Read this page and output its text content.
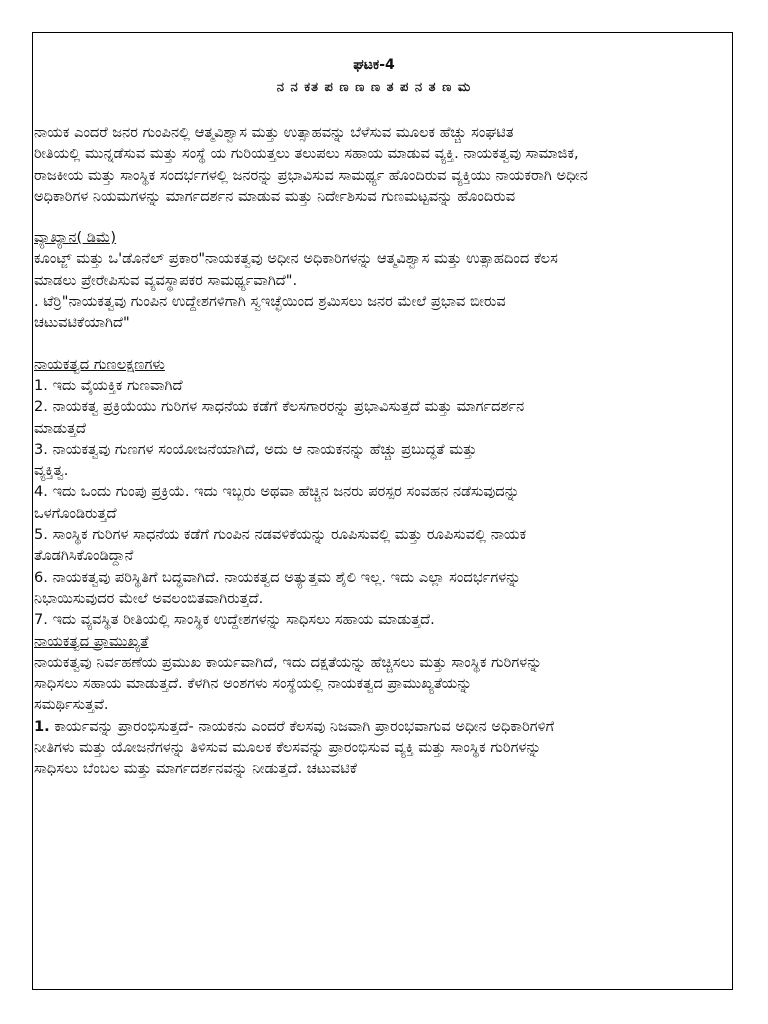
ಘಟಕ-4
ನ ನ ಕತ ಪ ಣ ಣ ಣ ತ ಪ ನ ತ ಣ ಮ

ನಾಯಕ ಎಂದರೆ ಜನರ ಗುಂಪಿನಲ್ಲಿ ಆತ್ಮವಿಶ್ವಾಸ ಮತ್ತು ಉತ್ಸಾಹವನ್ನು ಬೆಳೆಸುವ ಮೂಲಕ ಹೆಚ್ಚು ಸಂಘಟಿತ

ರೀತಿಯಲ್ಲಿ ಮುನ್ನಡೆಸುವ ಮತ್ತು ಸಂಸ್ಥೆ ಯ ಗುರಿಯತ್ತಲು ತಲುಪಲು ಸಹಾಯ ಮಾಡುವ ವ್ಯಕ್ತಿ. ನಾಯಕತ್ವವು ಸಾಮಾಜಿಕ,

ರಾಜಕೀಯ ಮತ್ತು ಸಾಂಸ್ಥಿಕ ಸಂದರ್ಭಗಳಲ್ಲಿ ಜನರನ್ನು ಪ್ರಭಾವಿಸುವ ಸಾಮರ್ಥ್ಯ ಹೊಂದಿರುವ ವ್ಯಕ್ತಿಯು ನಾಯಕರಾಗಿ ಅಧೀನ

ಅಧಿಕಾರಿಗಳ ನಿಯಮಗಳನ್ನು ಮಾರ್ಗದರ್ಶನ ಮಾಡುವ ಮತ್ತು ನಿರ್ದೇಶಿಸುವ ಗುಣಮಟ್ಟವನ್ನು ಹೊಂದಿರುವ

ವ್ಯಾಖ್ಯಾನ( ಡಿಮೆ)

ಕೂಂಟ್ಜ್ ಮತ್ತು ಒ'ಡೊನೆಲ್ ಪ್ರಕಾರ"ನಾಯಕತ್ವವು ಅಧೀನ ಅಧಿಕಾರಿಗಳನ್ನು ಆತ್ಮವಿಶ್ವಾಸ ಮತ್ತು ಉತ್ಸಾಹದಿಂದ ಕೆಲಸ

ಮಾಡಲು ಪ್ರೇರೇಪಿಸುವ ವ್ಯವಸ್ಥಾಪಕರ ಸಾಮರ್ಥ್ಯವಾಗಿದೆ".

. ಟೆರ್ರಿ"ನಾಯಕತ್ವವು ಗುಂಪಿನ ಉದ್ದೇಶಗಳಿಗಾಗಿ ಸ್ವಇಚ್ಛೆಯಿಂದ ಶ್ರಮಿಸಲು ಜನರ ಮೇಲೆ ಪ್ರಭಾವ ಬೀರುವ

ಚಟುವಟಿಕೆಯಾಗಿದೆ"

ನಾಯಕತ್ವದ ಗುಣಲಕ್ಷಣಗಳು

1. ಇದು ವೈಯಕ್ತಿಕ ಗುಣವಾಗಿದೆ

2. ನಾಯಕತ್ವ ಪ್ರಕ್ರಿಯೆಯು ಗುರಿಗಳ ಸಾಧನೆಯ ಕಡೆಗೆ ಕೆಲಸಗಾರರನ್ನು ಪ್ರಭಾವಿಸುತ್ತದೆ ಮತ್ತು ಮಾರ್ಗದರ್ಶನ

ಮಾಡುತ್ತದೆ

3. ನಾಯಕತ್ವವು ಗುಣಗಳ ಸಂಯೋಜನೆಯಾಗಿದೆ, ಅದು ಆ ನಾಯಕನನ್ನು ಹೆಚ್ಚು ಪ್ರಬುದ್ಧತೆ ಮತ್ತು

ವ್ಯಕ್ತಿತ್ವ.

4. ಇದು ಒಂದು ಗುಂಪು ಪ್ರಕ್ರಿಯೆ. ಇದು ಇಬ್ಬರು ಅಥವಾ ಹೆಚ್ಚಿನ ಜನರು ಪರಸ್ಪರ ಸಂವಹನ ನಡೆಸುವುದನ್ನು

ಒಳಗೊಂಡಿರುತ್ತದೆ

5. ಸಾಂಸ್ಥಿಕ ಗುರಿಗಳ ಸಾಧನೆಯ ಕಡೆಗೆ ಗುಂಪಿನ ನಡವಳಿಕೆಯನ್ನು ರೂಪಿಸುವಲ್ಲಿ ಮತ್ತು ರೂಪಿಸುವಲ್ಲಿ ನಾಯಕ

ತೊಡಗಿಸಿಕೊಂಡಿದ್ದಾನೆ

6. ನಾಯಕತ್ವವು ಪರಿಸ್ಥಿತಿಗೆ ಬದ್ಧವಾಗಿದೆ. ನಾಯಕತ್ವದ ಅತ್ಯುತ್ತಮ ಶೈಲಿ ಇಲ್ಲ. ಇದು ಎಲ್ಲಾ ಸಂದರ್ಭಗಳನ್ನು

ನಿಭಾಯಿಸುವುದರ ಮೇಲೆ ಅವಲಂಬಿತವಾಗಿರುತ್ತದೆ.

7. ಇದು ವ್ಯವಸ್ಥಿತ ರೀತಿಯಲ್ಲಿ ಸಾಂಸ್ಥಿಕ ಉದ್ದೇಶಗಳನ್ನು ಸಾಧಿಸಲು ಸಹಾಯ ಮಾಡುತ್ತದೆ.

ನಾಯಕತ್ವದ ಪ್ರಾಮುಖ್ಯತೆ

ನಾಯಕತ್ವವು ನಿರ್ವಹಣೆಯ ಪ್ರಮುಖ ಕಾರ್ಯವಾಗಿದೆ, ಇದು ದಕ್ಷತೆಯನ್ನು ಹೆಚ್ಚಿಸಲು ಮತ್ತು ಸಾಂಸ್ಥಿಕ ಗುರಿಗಳನ್ನು

ಸಾಧಿಸಲು ಸಹಾಯ ಮಾಡುತ್ತದೆ. ಕೆಳಗಿನ ಅಂಶಗಳು ಸಂಸ್ಥೆಯಲ್ಲಿ ನಾಯಕತ್ವದ ಪ್ರಾಮುಖ್ಯತೆಯನ್ನು

ಸಮರ್ಥಿಸುತ್ತವೆ.

1. ಕಾರ್ಯವನ್ನು ಪ್ರಾರಂಭಿಸುತ್ತದೆ- ನಾಯಕನು ಎಂದರೆ ಕೆಲಸವು ನಿಜವಾಗಿ ಪ್ರಾರಂಭವಾಗುವ ಅಧೀನ ಅಧಿಕಾರಿಗಳಿಗೆ

ನೀತಿಗಳು ಮತ್ತು ಯೋಜನೆಗಳನ್ನು ತಿಳಿಸುವ ಮೂಲಕ ಕೆಲಸವನ್ನು ಪ್ರಾರಂಭಿಸುವ ವ್ಯಕ್ತಿ ಮತ್ತು ಸಾಂಸ್ಥಿಕ ಗುರಿಗಳನ್ನು

ಸಾಧಿಸಲು ಬೆಂಬಲ ಮತ್ತು ಮಾರ್ಗದರ್ಶನವನ್ನು ನೀಡುತ್ತದೆ. ಚಟುವಟಿಕೆ
